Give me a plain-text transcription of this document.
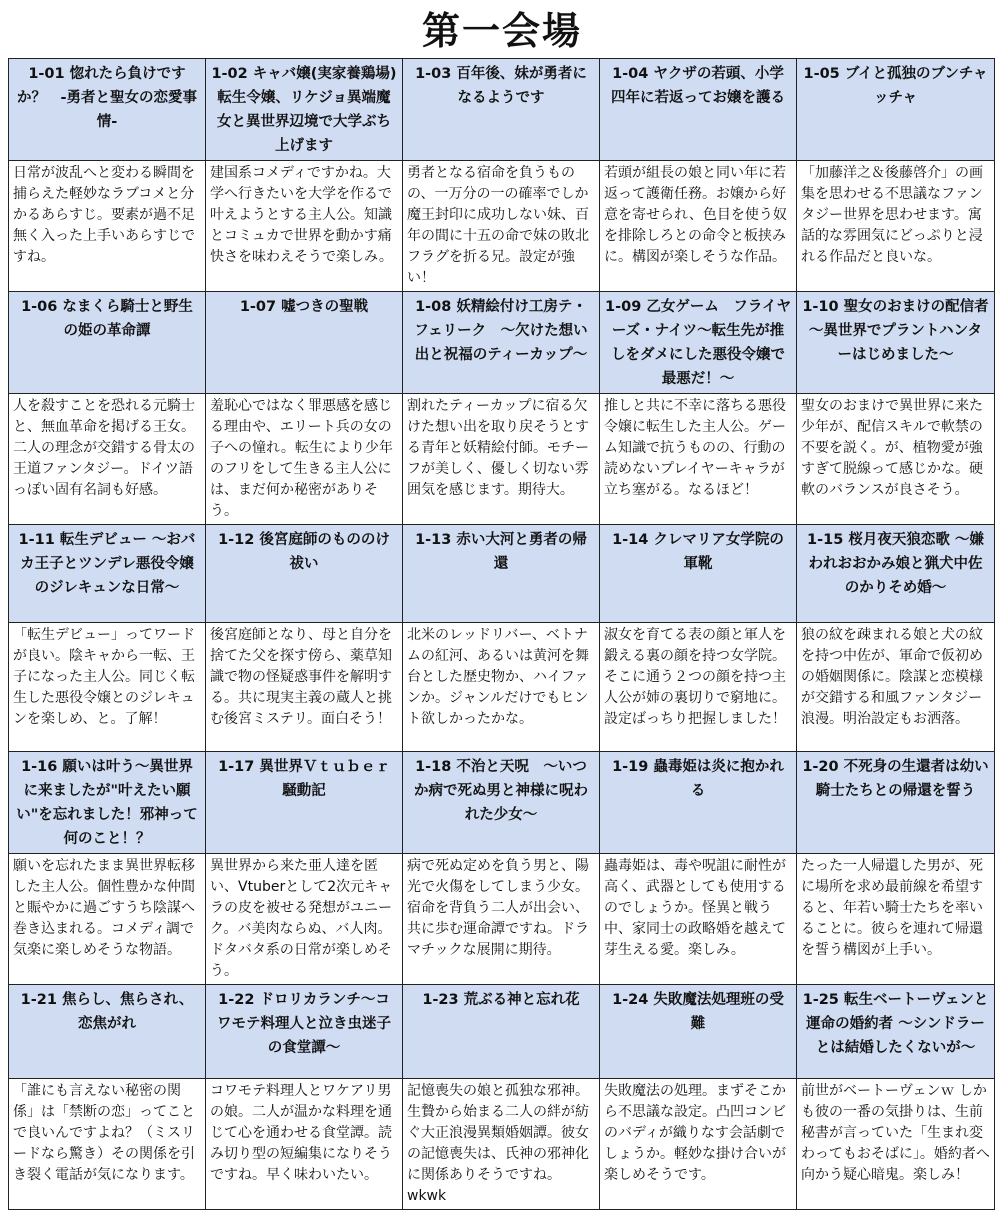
第一会場
1-01 惚れたら負けですか？　-勇者と聖女の恋愛事情-	1-02 キャバ嬢(実家養鶏場)転生令嬢、リケジョ異端魔女と異世界辺境で大学ぶち上げます	1-03 百年後、妹が勇者になるようです	1-04 ヤクザの若頭、小学四年に若返ってお嬢を護る	1-05 ブイと孤独のブンチャッチャ
日常が波乱へと変わる瞬間を捕らえた軽妙なラブコメと分かるあらすじ。要素が過不足無く入った上手いあらすじですね。	建国系コメディですかね。大学へ行きたいを大学を作るで叶えようとする主人公。知識とコミュカで世界を動かす痛快さを味わえそうで楽しみ。	勇者となる宿命を負うものの、一万分の一の確率でしか魔王封印に成功しない妹、百年の間に十五の命で妹の敗北フラグを折る兄。設定が強い！	若頭が組長の娘と同い年に若返って護衛任務。お嬢から好意を寄せられ、色目を使う奴を排除しろとの命令と板挟みに。構図が楽しそうな作品。	「加藤洋之＆後藤啓介」の画集を思わせる不思議なファンタジー世界を思わせます。寓話的な雰囲気にどっぷりと浸れる作品だと良いな。
1-06 なまくら騎士と野生の姫の革命譚	1-07 嘘つきの聖戦	1-08 妖精絵付け工房テ・フェリーク　～欠けた想い出と祝福のティーカップ～	1-09 乙女ゲーム　フライヤーズ・ナイツ～転生先が推しをダメにした悪役令嬢で最悪だ！～	1-10 聖女のおまけの配信者～異世界でプラントハンターはじめました～
人を殺すことを恐れる元騎士と、無血革命を掲げる王女。二人の理念が交錯する骨太の王道ファンタジー。ドイツ語っぽい固有名詞も好感。	羞恥心ではなく罪悪感を感じる理由や、エリート兵の女の子への憧れ。転生により少年のフリをして生きる主人公には、まだ何か秘密がありそう。	割れたティーカップに宿る欠けた想い出を取り戻そうとする青年と妖精絵付師。モチーフが美しく、優しく切ない雰囲気を感じます。期待大。	推しと共に不幸に落ちる悪役令嬢に転生した主人公。ゲーム知識で抗うものの、行動の読めないプレイヤーキャラが立ち塞がる。なるほど！	聖女のおまけで異世界に来た少年が、配信スキルで軟禁の不要を説く。が、植物愛が強すぎて脱線って感じかな。硬軟のバランスが良さそう。
1-11 転生デビュー ～おバカ王子とツンデレ悪役令嬢のジレキュンな日常～	1-12 後宮庭師のもののけ祓い	1-13 赤い大河と勇者の帰還	1-14 クレマリア女学院の軍靴	1-15 桜月夜天狼恋歌 ～嫌われおおかみ娘と猟犬中佐のかりそめ婚～
「転生デビュー」ってワードが良い。陰キャから一転、王子になった主人公。同じく転生した悪役令嬢とのジレキュンを楽しめ、と。了解！	後宮庭師となり、母と自分を捨てた父を探す傍ら、薬草知識で物の怪疑惑事件を解明する。共に現実主義の蔵人と挑む後宮ミステリ。面白そう！	北米のレッドリバー、ベトナムの紅河、あるいは黄河を舞台とした歴史物か、ハイファンか。ジャンルだけでもヒント欲しかったかな。	淑女を育てる表の顔と軍人を鍛える裏の顔を持つ女学院。そこに通う２つの顔を持つ主人公が姉の裏切りで窮地に。設定ばっちり把握しました！	狼の紋を疎まれる娘と犬の紋を持つ中佐が、軍命で仮初めの婚姻関係に。陰謀と恋模様が交錯する和風ファンタジー浪漫。明治設定もお洒落。
1-16 願いは叶う～異世界に来ましたが"叶えたい願い"を忘れました！邪神って何のこと！？	1-17 異世界Ｖｔｕｂｅｒ騒動記	1-18 不治と天呪　～いつか病で死ぬ男と神様に呪われた少女～	1-19 蟲毒姫は炎に抱かれる	1-20 不死身の生還者は幼い騎士たちとの帰還を誓う
願いを忘れたまま異世界転移した主人公。個性豊かな仲間と賑やかに過ごすうち陰謀へ巻き込まれる。コメディ調で気楽に楽しめそうな物語。	異世界から来た亜人達を匿い、Vtuberとして2次元キャラの皮を被せる発想がユニーク。バ美肉ならぬ、バ人肉。ドタバタ系の日常が楽しめそう。	病で死ぬ定めを負う男と、陽光で火傷をしてしまう少女。宿命を背負う二人が出会い、共に歩む運命譚ですね。ドラマチックな展開に期待。	蟲毒姫は、毒や呪詛に耐性が高く、武器としても使用するのでしょうか。怪異と戦う中、家同士の政略婚を越えて芽生える愛。楽しみ。	たった一人帰還した男が、死に場所を求め最前線を希望すると、年若い騎士たちを率いることに。彼らを連れて帰還を誓う構図が上手い。
1-21 焦らし、焦らされ、恋焦がれ	1-22 ドロリカランチ～コワモテ料理人と泣き虫迷子の食堂譚～	1-23 荒ぶる神と忘れ花	1-24 失敗魔法処理班の受難	1-25 転生ベートーヴェンと運命の婚約者 ～シンドラーとは結婚したくないが～
「誰にも言えない秘密の関係」は「禁断の恋」ってことで良いんですよね？（ミスリードなら驚き）その関係を引き裂く電話が気になります。	コワモテ料理人とワケアリ男の娘。二人が温かな料理を通じて心を通わせる食堂譚。読み切り型の短編集になりそうですね。早く味わいたい。	記憶喪失の娘と孤独な邪神。生贄から始まる二人の絆が紡ぐ大正浪漫異類婚姻譚。彼女の記憶喪失は、氏神の邪神化に関係ありそうですね。wkwk	失敗魔法の処理。まずそこから不思議な設定。凸凹コンビのバディが織りなす会話劇でしょうか。軽妙な掛け合いが楽しめそうです。	前世がベートーヴェンｗ しかも彼の一番の気掛りは、生前秘書が言っていた「生まれ変わってもおそばに」。婚約者へ向かう疑心暗鬼。楽しみ！
